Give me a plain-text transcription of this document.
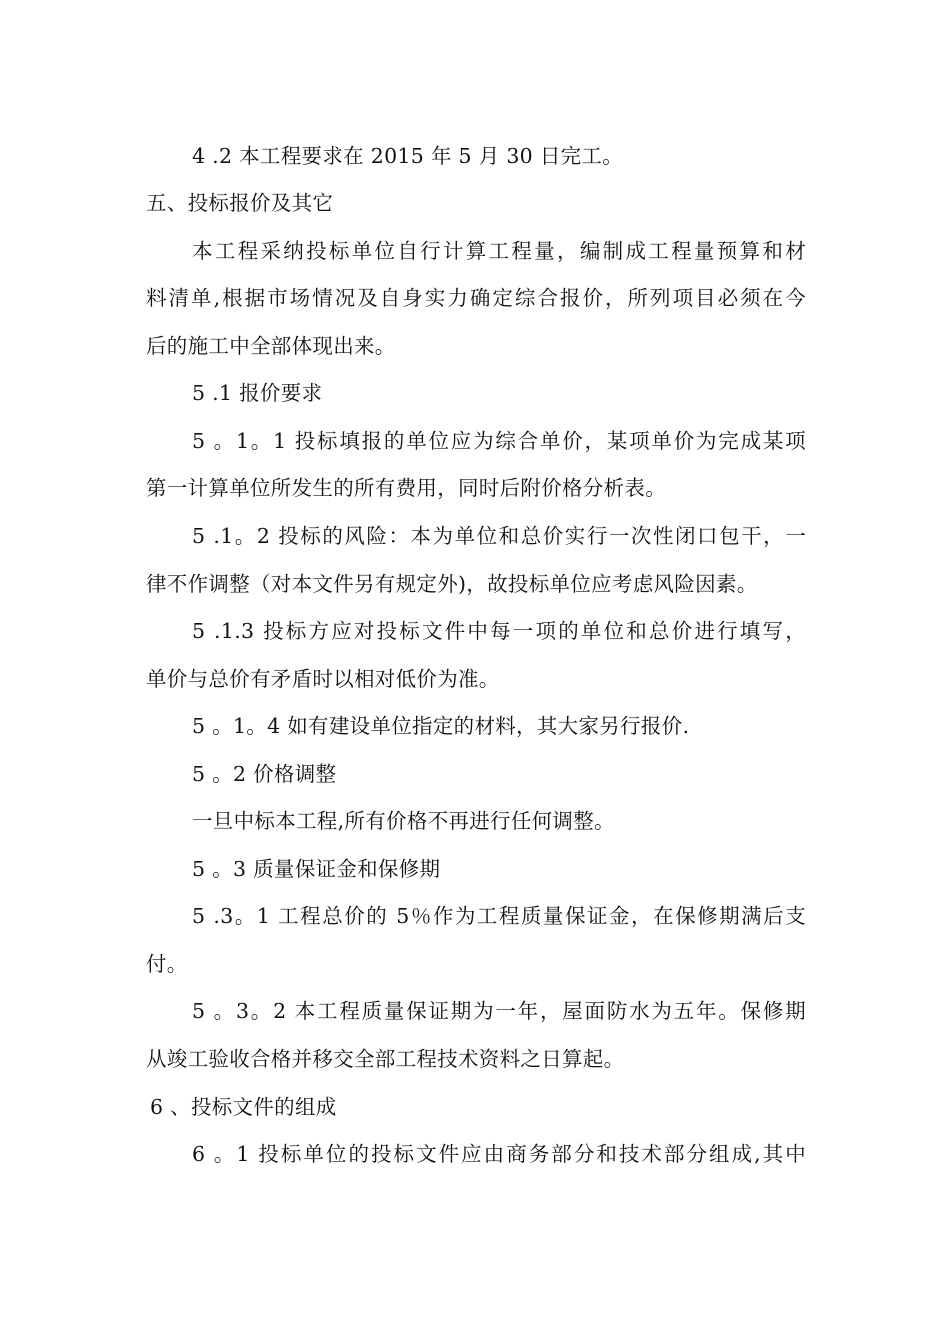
4 .2 本工程要求在 2015 年 5 月 30 日完工。
五、投标报价及其它
本工程采纳投标单位自行计算工程量，编制成工程量预算和材
料清单,根据市场情况及自身实力确定综合报价，所列项目必须在今
后的施工中全部体现出来。
5 .1 报价要求
5 。1。1 投标填报的单位应为综合单价，某项单价为完成某项
第一计算单位所发生的所有费用，同时后附价格分析表。
5 .1。2 投标的风险：本为单位和总价实行一次性闭口包干，一
律不作调整（对本文件另有规定外)，故投标单位应考虑风险因素。
5 .1.3 投标方应对投标文件中每一项的单位和总价进行填写，
单价与总价有矛盾时以相对低价为准。
5 。1。4 如有建设单位指定的材料，其大家另行报价.
5 。2 价格调整
一旦中标本工程,所有价格不再进行任何调整。
5 。3 质量保证金和保修期
5 .3。1 工程总价的 5％作为工程质量保证金，在保修期满后支
付。
5 。3。2 本工程质量保证期为一年，屋面防水为五年。保修期
从竣工验收合格并移交全部工程技术资料之日算起。
6 、投标文件的组成
6 。1 投标单位的投标文件应由商务部分和技术部分组成,其中
